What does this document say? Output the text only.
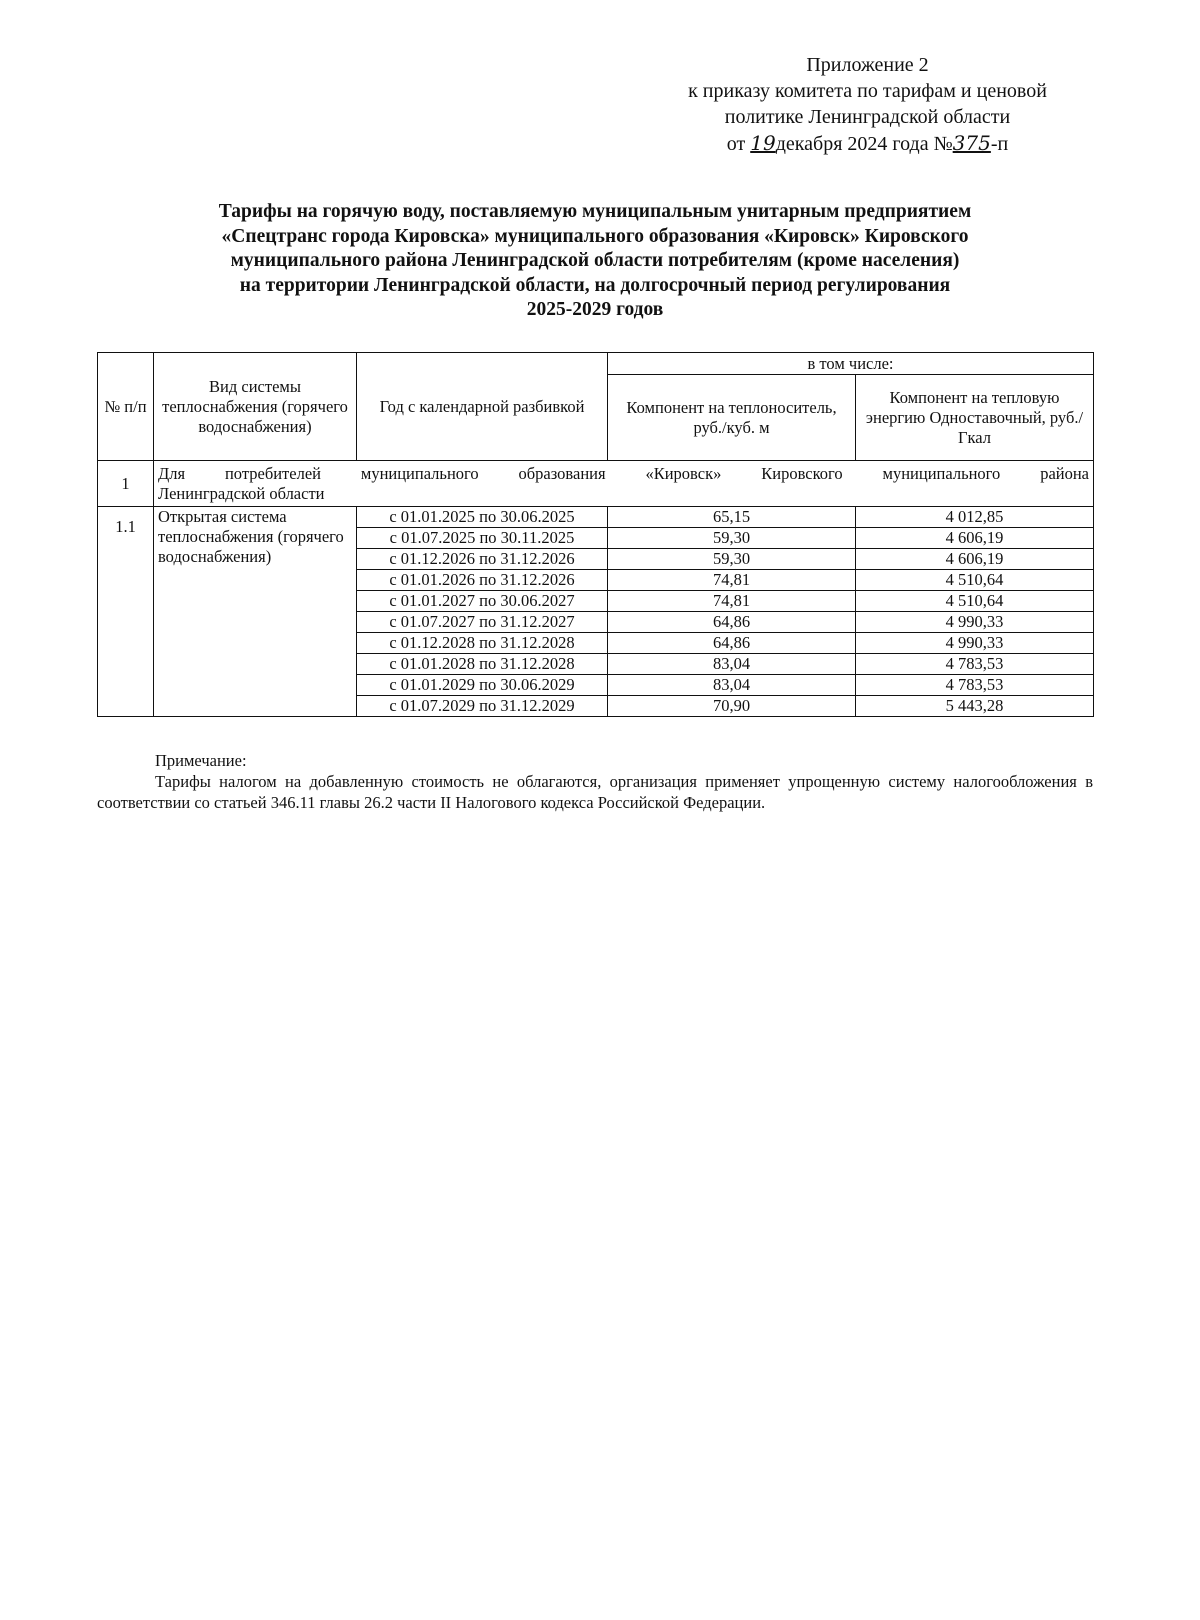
Приложение 2
к приказу комитета по тарифам и ценовой
политике Ленинградской области
от 19декабря 2024 года №375-п
Тарифы на горячую воду, поставляемую муниципальным унитарным предприятием
«Спецтранс города Кировска» муниципального образования «Кировск» Кировского
муниципального района Ленинградской области потребителям (кроме населения)
на территории Ленинградской области, на долгосрочный период регулирования
2025-2029 годов
№ п/п	Вид системы теплоснабжения (горячего водоснабжения)	Год с календарной разбивкой	в том числе:	
			Компонент на теплоноситель, руб./куб. м	Компонент на тепловую энергию Одноставочный, руб./Гкал
1	Для потребителей муниципального образования «Кировск» Кировского муниципального района
Ленинградской области			

1.1	Открытая система теплоснабжения (горячего водоснабжения)	с 01.01.2025 по 30.06.2025	65,15	4 012,85
		с 01.07.2025 по 30.11.2025	59,30	4 606,19
		с 01.12.2026 по 31.12.2026	59,30	4 606,19
		с 01.01.2026 по 31.12.2026	74,81	4 510,64
		с 01.01.2027 по 30.06.2027	74,81	4 510,64
		с 01.07.2027 по 31.12.2027	64,86	4 990,33
		с 01.12.2028 по 31.12.2028	64,86	4 990,33
		с 01.01.2028 по 31.12.2028	83,04	4 783,53
		с 01.01.2029 по 30.06.2029	83,04	4 783,53
		с 01.07.2029 по 31.12.2029	70,90	5 443,28
Примечание:

Тарифы налогом на добавленную стоимость не облагаются, организация применяет упрощенную систему налогообложения в соответствии со статьей 346.11 главы 26.2 части II Налогового кодекса Российской Федерации.
